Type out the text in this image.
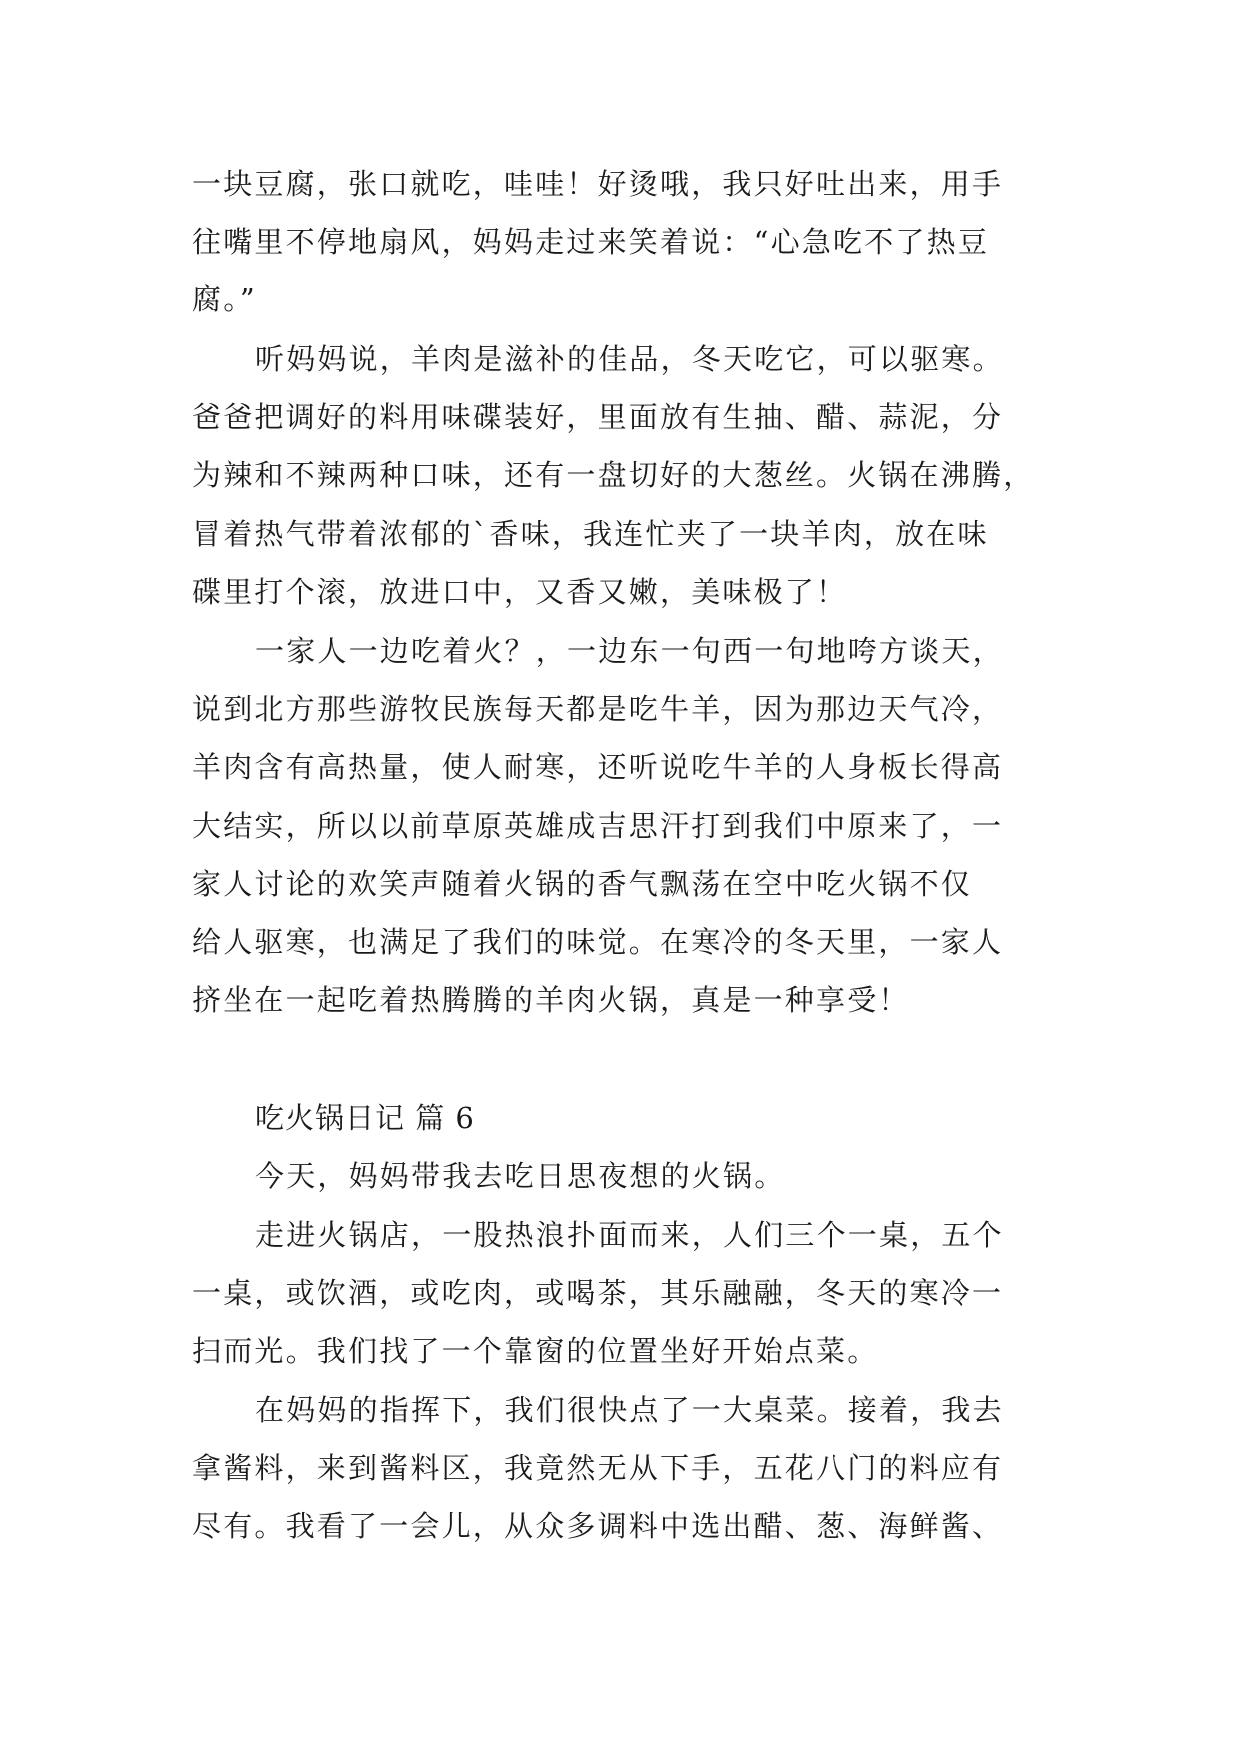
一块豆腐，张口就吃，哇哇！好烫哦，我只好吐出来，用手
往嘴里不停地扇风，妈妈走过来笑着说：“心急吃不了热豆
腐。”
听妈妈说，羊肉是滋补的佳品，冬天吃它，可以驱寒。
爸爸把调好的料用味碟装好，里面放有生抽、醋、蒜泥，分
为辣和不辣两种口味，还有一盘切好的大葱丝。火锅在沸腾，
冒着热气带着浓郁的`香味，我连忙夹了一块羊肉，放在味
碟里打个滚，放进口中，又香又嫩，美味极了！
一家人一边吃着火？，一边东一句西一句地咵方谈天，
说到北方那些游牧民族每天都是吃牛羊，因为那边天气冷，
羊肉含有高热量，使人耐寒，还听说吃牛羊的人身板长得高
大结实，所以以前草原英雄成吉思汗打到我们中原来了，一
家人讨论的欢笑声随着火锅的香气飘荡在空中吃火锅不仅
给人驱寒，也满足了我们的味觉。在寒冷的冬天里，一家人
挤坐在一起吃着热腾腾的羊肉火锅，真是一种享受！
吃火锅日记 篇 6
今天，妈妈带我去吃日思夜想的火锅。
走进火锅店，一股热浪扑面而来，人们三个一桌，五个
一桌，或饮酒，或吃肉，或喝茶，其乐融融，冬天的寒冷一
扫而光。我们找了一个靠窗的位置坐好开始点菜。
在妈妈的指挥下，我们很快点了一大桌菜。接着，我去
拿酱料，来到酱料区，我竟然无从下手，五花八门的料应有
尽有。我看了一会儿，从众多调料中选出醋、葱、海鲜酱、
